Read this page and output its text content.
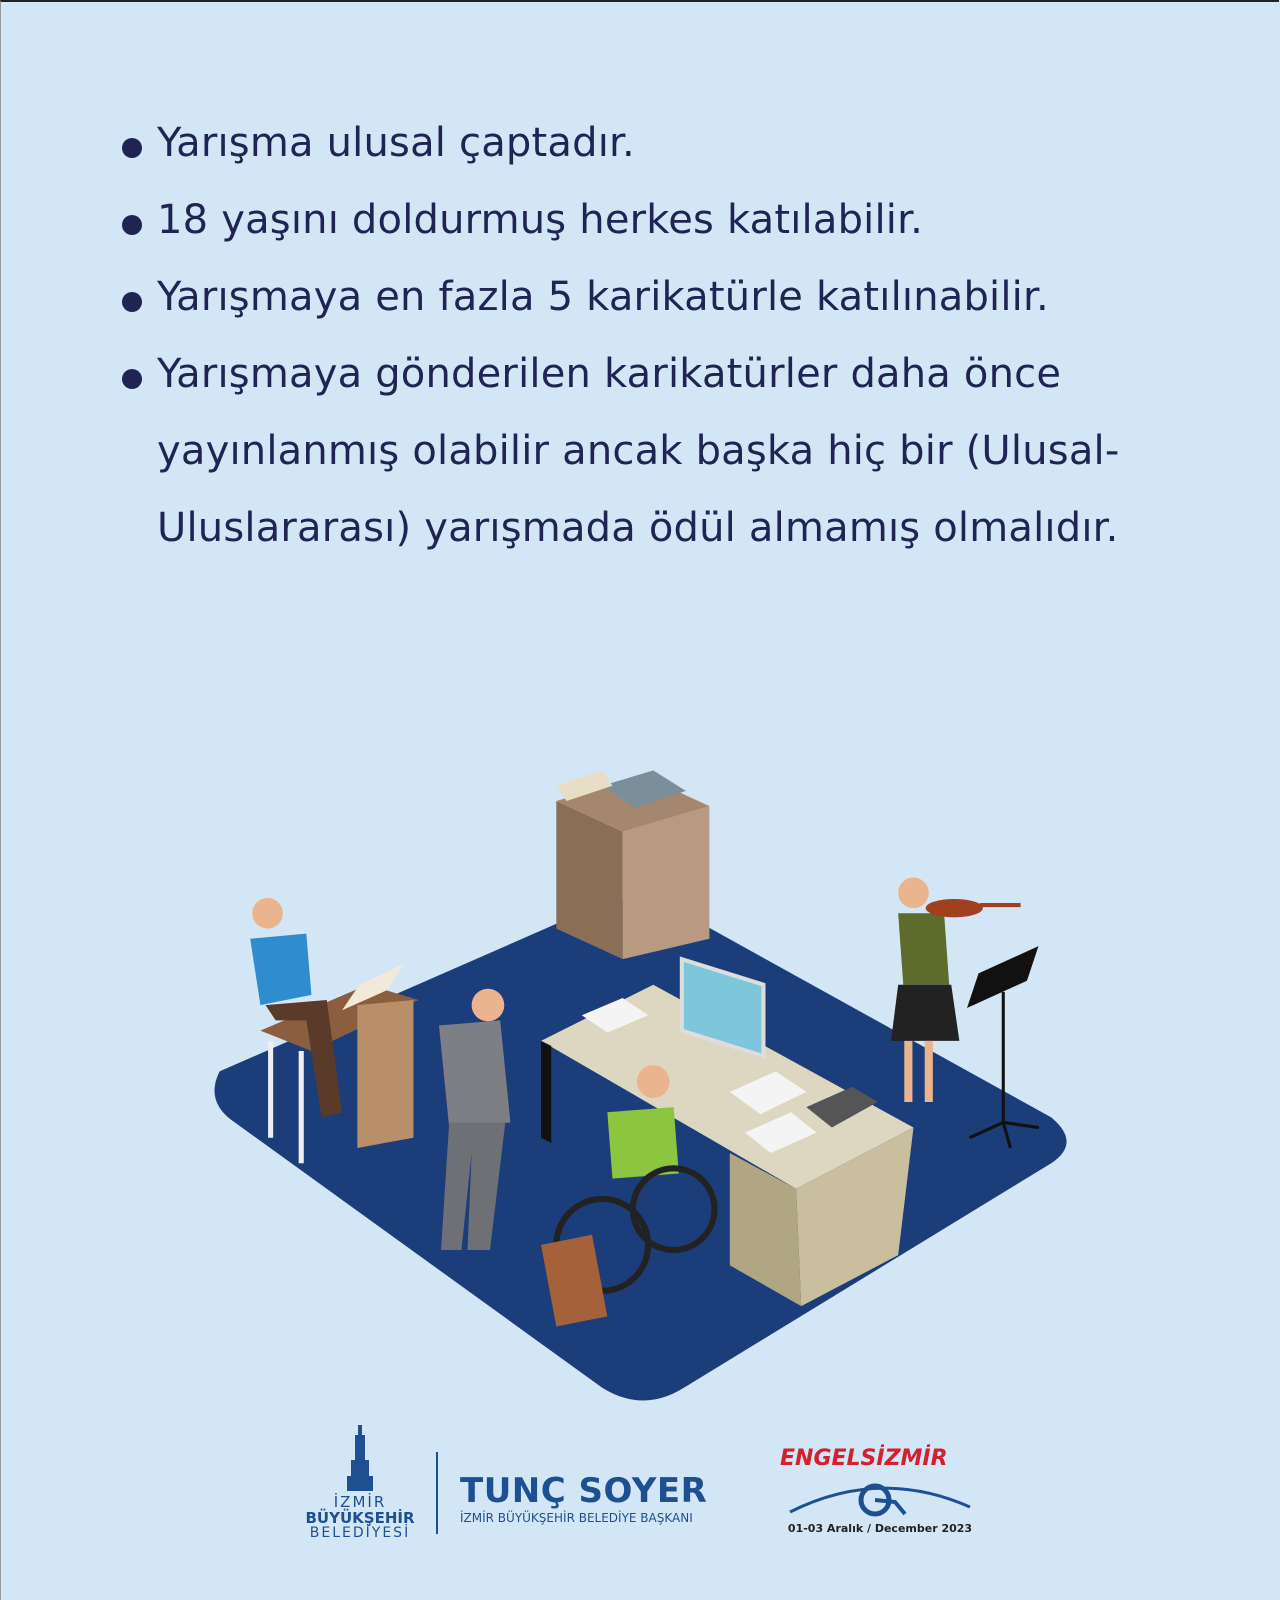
Yarışma ulusal çaptadır.
18 yaşını doldurmuş herkes katılabilir.
Yarışmaya en fazla 5 karikatürle katılınabilir.
Yarışmaya gönderilen karikatürler daha önce yayınlanmış olabilir ancak başka hiç bir (Ulusal-Uluslararası) yarışmada ödül almamış olmalıdır.
İZMİR
BÜYÜKŞEHİR
BELEDİYESİ
TUNÇ SOYER
İZMİR BÜYÜKŞEHİR BELEDİYE BAŞKANI
ENGELSİZMİR
01-03 Aralık / December 2023
